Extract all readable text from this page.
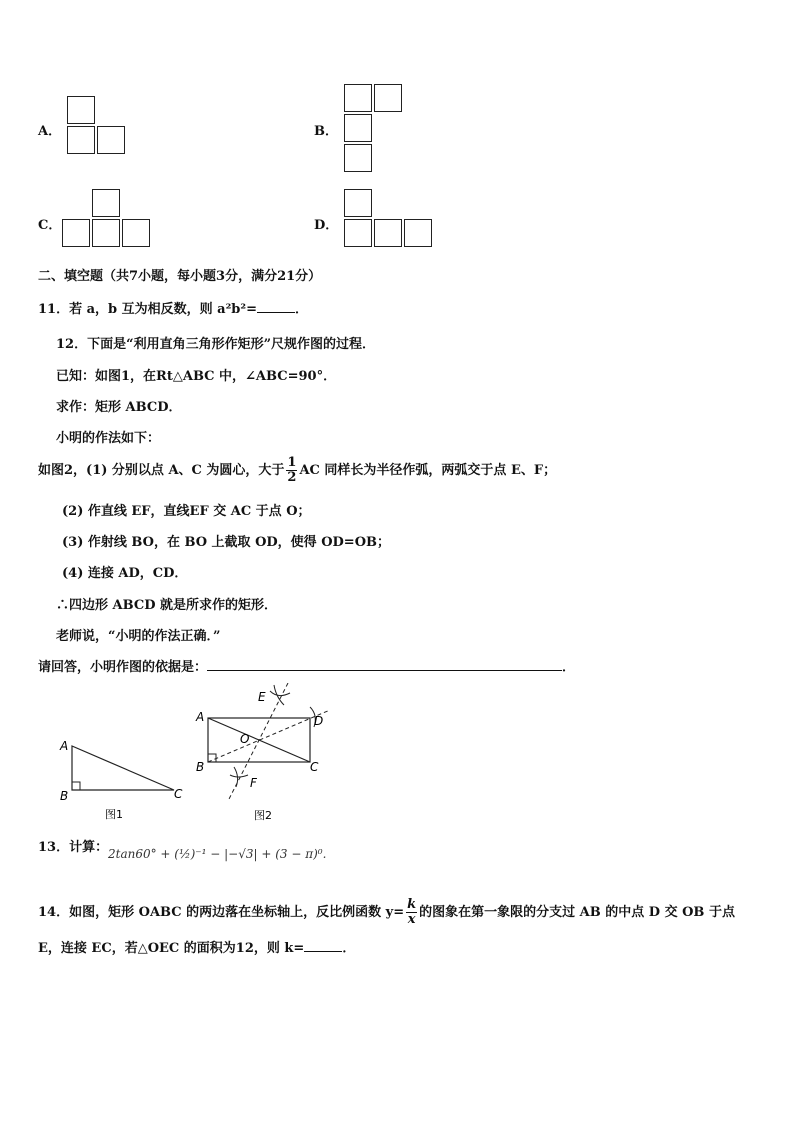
A．	B．
C．	D．
二、填空题（共7小题，每小题3分，满分21分）
11．若 a，b 互为相反数，则 a²b²=	．
12．下面是“利用直角三角形作矩形”尺规作图的过程．
已知：如图1，在Rt△ABC 中，∠ABC=90°．
求作：矩形 ABCD．
小明的作法如下：
如图2，(1) 分别以点 A、C 为圆心，大于 $\frac{1}{2}$ AC 同样长为半径作弧，两弧交于点 E、F；
(2) 作直线 EF，直线EF 交 AC 于点 O；
(3) 作射线 BO，在 BO 上截取 OD，使得 OD=OB；
(4) 连接 AD，CD．
∴四边形 ABCD 就是所求作的矩形．
老师说，“小明的作法正确．”
请回答，小明作图的依据是：	．
A
B	C
图1
A
B	C
D
E
F
O
图2
13．计算： 2tan60° + (½)⁻¹ − |−√3| + (3 − π)⁰.
14．如图，矩形 OABC 的两边落在坐标轴上，反比例函数 $y= \frac{k}{x}$ 的图象在第一象限的分支过 AB 的中点 D 交 OB 于点
E，连接 EC，若△OEC 的面积为12，则 k=	．
